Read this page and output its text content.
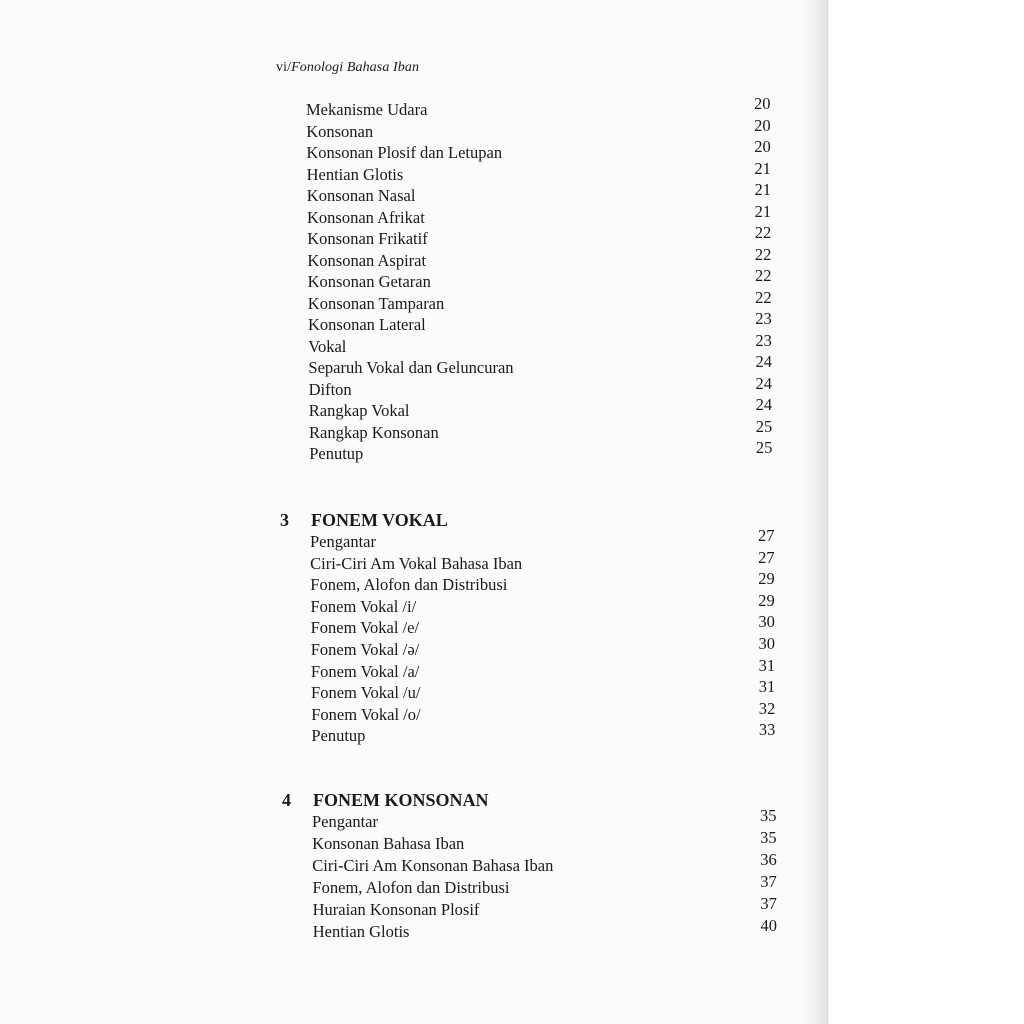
vi/Fonologi Bahasa Iban
Mekanisme Udara	20
Konsonan	20
Konsonan Plosif dan Letupan	20
Hentian Glotis	21
Konsonan Nasal	21
Konsonan Afrikat	21
Konsonan Frikatif	22
Konsonan Aspirat	22
Konsonan Getaran	22
Konsonan Tamparan	22
Konsonan Lateral	23
Vokal	23
Separuh Vokal dan Geluncuran	24
Difton	24
Rangkap Vokal	24
Rangkap Konsonan	25
Penutup	25
3 FONEM VOKAL
Pengantar	27
Ciri-Ciri Am Vokal Bahasa Iban	27
Fonem, Alofon dan Distribusi	29
Fonem Vokal /i/	29
Fonem Vokal /e/	30
Fonem Vokal /ə/	30
Fonem Vokal /a/	31
Fonem Vokal /u/	31
Fonem Vokal /o/	32
Penutup	33
4 FONEM KONSONAN
Pengantar	35
Konsonan Bahasa Iban	35
Ciri-Ciri Am Konsonan Bahasa Iban	36
Fonem, Alofon dan Distribusi	37
Huraian Konsonan Plosif	37
Hentian Glotis	40
